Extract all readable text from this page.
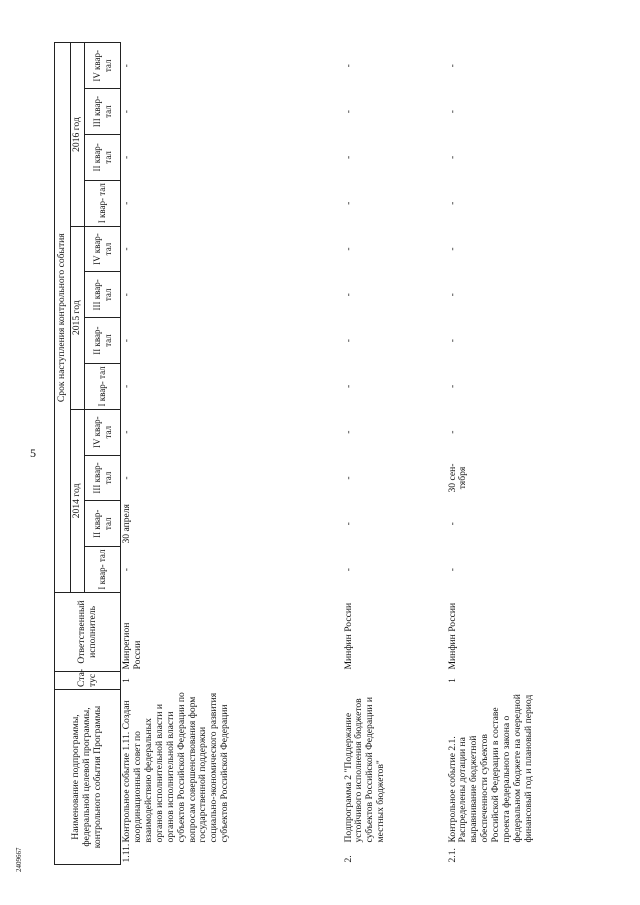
5
2409667
Наименование подпрограммы, федеральной целевой программы, контрольного события Программы		Ста- тус	Ответственный исполнитель	Срок наступления контрольного события											
				2014 год				2015 год				2016 год			
				I квар- тал	II квар- тал	III квар- тал	IV квар- тал	I квар- тал	II квар- тал	III квар- тал	IV квар- тал	I квар- тал	II квар- тал	III квар- тал	IV квар- тал
1.11.	Контрольное событие 1.11. Создан координационный совет по взаимодействию федеральных органов исполнительной власти и органов исполнительной власти субъектов Российской Федерации по вопросам совершенствования форм государственной поддержки социально-экономического развития субъектов Российской Федерации	1	Минрегион России	-	30 апреля	-	-	-	-	-	-	-	-	-	-
2.	Подпрограмма 2 "Поддержание устойчивого исполнения бюджетов субъектов Российской Федерации и местных бюджетов"		Минфин России	-	-	-	-	-	-	-	-	-	-	-	-
2.1.	Контрольное событие 2.1. Распределены дотации на выравнивание бюджетной обеспеченности субъектов Российской Федерации в составе проекта федерального закона о федеральном бюджете на очередной финансовый год и плановый период	1	Минфин России	-	-	30 сен- тября	-	-	-	-	-	-	-	-	-
